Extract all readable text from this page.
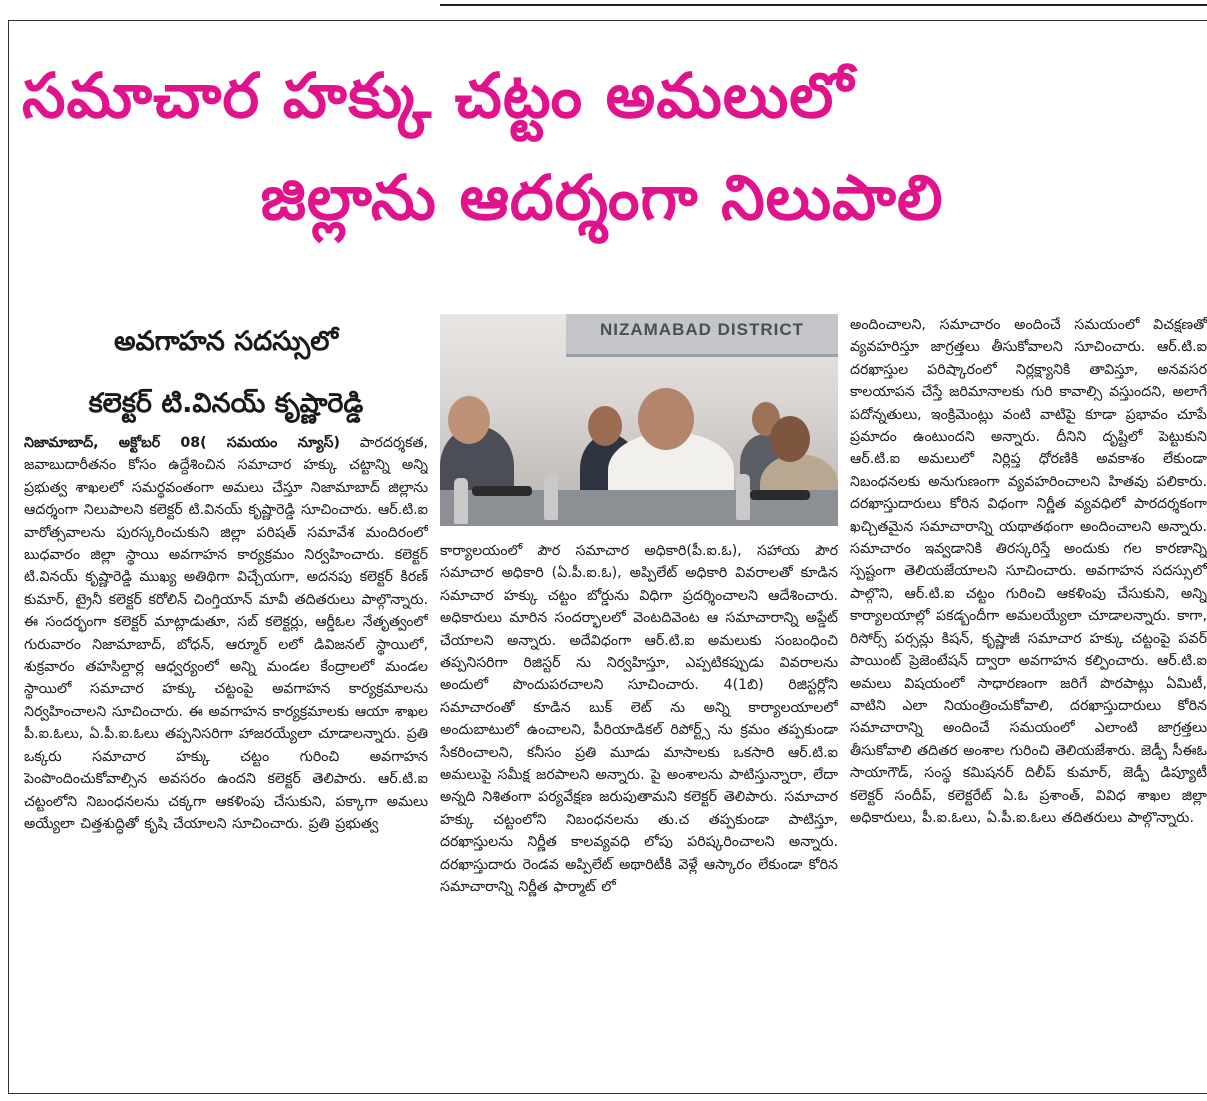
సమాచార హక్కు చట్టం అమలులో
జిల్లాను ఆదర్శంగా నిలుపాలి
అవగాహన సదస్సులో
కలెక్టర్ టి.వినయ్ కృష్ణారెడ్డి
నిజామాబాద్, అక్టోబర్ 08( సమయం న్యూస్) పారదర్శకత, జవాబుదారీతనం కోసం ఉద్దేశించిన సమాచార హక్కు చట్టాన్ని అన్ని ప్రభుత్వ శాఖలలో సమర్థవంతంగా అమలు చేస్తూ నిజామాబాద్ జిల్లాను ఆదర్శంగా నిలుపాలని కలెక్టర్ టి.వినయ్ కృష్ణారెడ్డి సూచించారు. ఆర్.టి.ఐ వారోత్సవాలను పురస్కరించుకుని జిల్లా పరిషత్ సమావేశ మందిరంలో బుధవారం జిల్లా స్థాయి అవగాహన కార్యక్రమం నిర్వహించారు. కలెక్టర్ టి.వినయ్ కృష్ణారెడ్డి ముఖ్య అతిథిగా విచ్చేయగా, అదనపు కలెక్టర్ కిరణ్ కుమార్, ట్రైనీ కలెక్టర్ కరోలిన్ చింగ్తియాన్ మావీ తదితరులు పాల్గొన్నారు. ఈ సందర్భంగా కలెక్టర్ మాట్లాడుతూ, సబ్ కలెక్టర్లు, ఆర్డీఓల నేతృత్వంలో గురువారం నిజామాబాద్, బోధన్, ఆర్మూర్ లలో డివిజనల్ స్థాయిలో, శుక్రవారం తహసిల్దార్ల ఆధ్వర్యంలో అన్ని మండల కేంద్రాలలో మండల స్థాయిలో సమాచార హక్కు చట్టంపై అవగాహన కార్యక్రమాలను నిర్వహించాలని సూచించారు. ఈ అవగాహన కార్యక్రమాలకు ఆయా శాఖల పీ.ఐ.ఓలు, ఏ.పీ.ఐ.ఓలు తప్పనిసరిగా హాజరయ్యేలా చూడాలన్నారు. ప్రతి ఒక్కరు సమాచార హక్కు చట్టం గురించి అవగాహన పెంపొందించుకోవాల్సిన అవసరం ఉందని కలెక్టర్ తెలిపారు. ఆర్.టి.ఐ చట్టంలోని నిబంధనలను చక్కగా ఆకళింపు చేసుకుని, పక్కాగా అమలు అయ్యేలా చిత్తశుద్ధితో కృషి చేయాలని సూచించారు. ప్రతి ప్రభుత్వ
NIZAMABAD DISTRICT
కార్యాలయంలో పౌర సమాచార అధికారి(పీ.ఐ.ఓ), సహాయ పౌర సమాచార అధికారి (ఏ.పీ.ఐ.ఓ), అప్పిలేట్ అధికారి వివరాలతో కూడిన సమాచార హక్కు చట్టం బోర్డును విధిగా ప్రదర్శించాలని ఆదేశించారు. అధికారులు మారిన సందర్భాలలో వెంటదివెంట ఆ సమాచారాన్ని అప్డేట్ చేయాలని అన్నారు. అదేవిధంగా ఆర్.టి.ఐ అమలుకు సంబంధించి తప్పనిసరిగా రిజిస్టర్ ను నిర్వహిస్తూ, ఎప్పటికప్పుడు వివరాలను అందులో పొందుపరచాలని సూచించారు. 4(1బి) రిజిస్టర్లోని సమాచారంతో కూడిన బుక్ లెట్ ను అన్ని కార్యాలయాలలో అందుబాటులో ఉంచాలని, పీరియాడికల్ రిపోర్ట్స్ ను క్రమం తప్పకుండా సేకరించాలని, కనీసం ప్రతి మూడు మాసాలకు ఒకసారి ఆర్.టి.ఐ అమలుపై సమీక్ష జరపాలని అన్నారు. పై అంశాలను పాటిస్తున్నారా, లేదా అన్నది నిశితంగా పర్యవేక్షణ జరుపుతామని కలెక్టర్ తెలిపారు. సమాచార హక్కు చట్టంలోని నిబంధనలను తు.చ తప్పకుండా పాటిస్తూ, దరఖాస్తులను నిర్ణీత కాలవ్యవధి లోపు పరిష్కరించాలని అన్నారు. దరఖాస్తుదారు రెండవ అప్పిలేట్ అథారిటీకి వెళ్లే ఆస్కారం లేకుండా కోరిన సమాచారాన్ని నిర్ణీత ఫార్మాట్ లో
అందించాలని, సమాచారం అందించే సమయంలో విచక్షణతో వ్యవహరిస్తూ జాగ్రత్తలు తీసుకోవాలని సూచించారు. ఆర్.టి.ఐ దరఖాస్తుల పరిష్కారంలో నిర్లక్ష్యానికి తావిస్తూ, అనవసర కాలయాపన చేస్తే జరిమానాలకు గురి కావాల్సి వస్తుందని, అలాగే పదోన్నతులు, ఇంక్రిమెంట్లు వంటి వాటిపై కూడా ప్రభావం చూపే ప్రమాదం ఉంటుందని అన్నారు. దీనిని దృష్టిలో పెట్టుకుని ఆర్.టి.ఐ అమలులో నిర్లిప్త ధోరణికి అవకాశం లేకుండా నిబంధనలకు అనుగుణంగా వ్యవహరించాలని హితవు పలికారు. దరఖాస్తుదారులు కోరిన విధంగా నిర్ణీత వ్యవధిలో పారదర్శకంగా ఖచ్చితమైన సమాచారాన్ని యథాతథంగా అందించాలని అన్నారు. సమాచారం ఇవ్వడానికి తిరస్కరిస్తే అందుకు గల కారణాన్ని స్పష్టంగా తెలియజేయాలని సూచించారు. అవగాహన సదస్సులో పాల్గొని, ఆర్.టి.ఐ చట్టం గురించి ఆకళింపు చేసుకుని, అన్ని కార్యాలయాల్లో పకడ్బందీగా అమలయ్యేలా చూడాలన్నారు. కాగా, రిసోర్స్ పర్సన్లు కిషన్, కృష్ణాజీ సమాచార హక్కు చట్టంపై పవర్ పాయింట్ ప్రెజెంటేషన్ ద్వారా అవగాహన కల్పించారు. ఆర్.టి.ఐ అమలు విషయంలో సాధారణంగా జరిగే పొరపాట్లు ఏమిటీ, వాటిని ఎలా నియంత్రించుకోవాలి, దరఖాస్తుదారులు కోరిన సమాచారాన్ని అందించే సమయంలో ఎలాంటి జాగ్రత్తలు తీసుకోవాలి తదితర అంశాల గురించి తెలియజేశారు. జెడ్పీ సీఈఓ సాయాగౌడ్, సంస్థ కమిషనర్ దిలీప్ కుమార్, జెడ్పీ డిప్యూటీ కలెక్టర్ సందీప్, కలెక్టరేట్ ఏ.ఓ ప్రశాంత్, వివిధ శాఖల జిల్లా అధికారులు, పీ.ఐ.ఓలు, ఏ.పీ.ఐ.ఓలు తదితరులు పాల్గొన్నారు.
